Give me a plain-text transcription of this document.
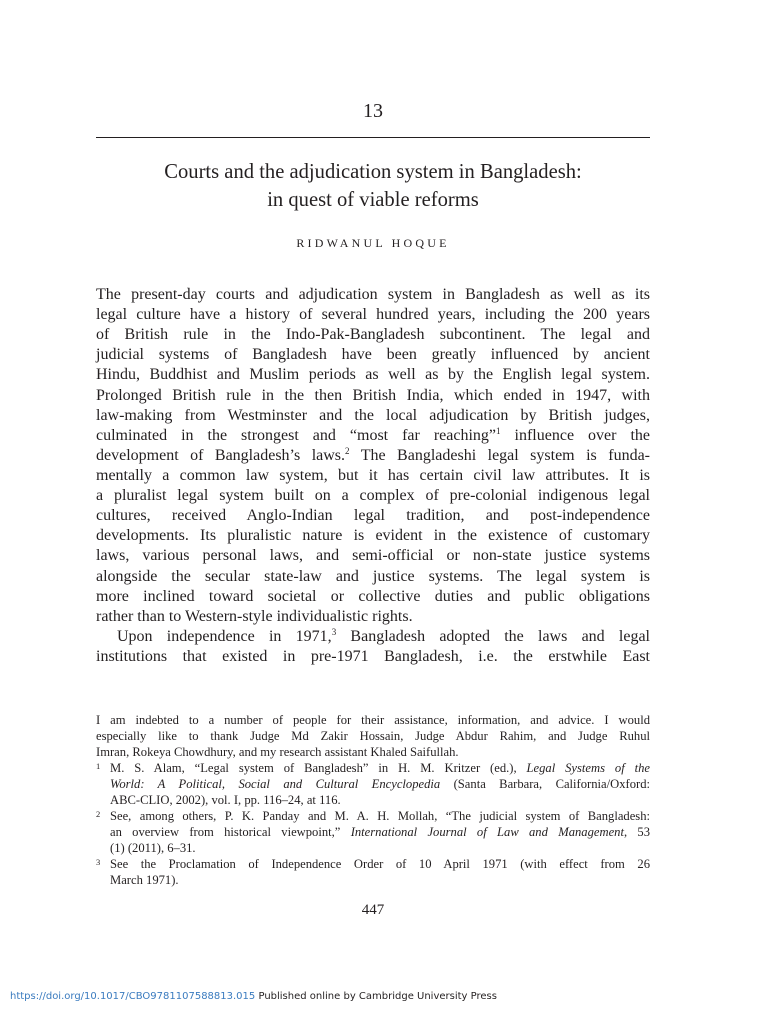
13
Courts and the adjudication system in Bangladesh:
in quest of viable reforms
RIDWANUL HOQUE
The present-day courts and adjudication system in Bangladesh as well as its
legal culture have a history of several hundred years, including the 200 years
of British rule in the Indo-Pak-Bangladesh subcontinent. The legal and
judicial systems of Bangladesh have been greatly influenced by ancient
Hindu, Buddhist and Muslim periods as well as by the English legal system.
Prolonged British rule in the then British India, which ended in 1947, with
law-making from Westminster and the local adjudication by British judges,
culminated in the strongest and “most far reaching”$^1$ influence over the
development of Bangladesh’s laws.$^2$ The Bangladeshi legal system is funda-
mentally a common law system, but it has certain civil law attributes. It is
a pluralist legal system built on a complex of pre-colonial indigenous legal
cultures, received Anglo-Indian legal tradition, and post-independence
developments. Its pluralistic nature is evident in the existence of customary
laws, various personal laws, and semi-official or non-state justice systems
alongside the secular state-law and justice systems. The legal system is
more inclined toward societal or collective duties and public obligations
rather than to Western-style individualistic rights.
Upon independence in 1971,$^3$ Bangladesh adopted the laws and legal
institutions that existed in pre-1971 Bangladesh, i.e. the erstwhile East
I am indebted to a number of people for their assistance, information, and advice. I would
especially like to thank Judge Md Zakir Hossain, Judge Abdur Rahim, and Judge Ruhul
Imran, Rokeya Chowdhury, and my research assistant Khaled Saifullah.
1 M. S. Alam, “Legal system of Bangladesh” in H. M. Kritzer (ed.), Legal Systems of the
World: A Political, Social and Cultural Encyclopedia (Santa Barbara, California/Oxford:
ABC-CLIO, 2002), vol. I, pp. 116–24, at 116.
2 See, among others, P. K. Panday and M. A. H. Mollah, “The judicial system of Bangladesh:
an overview from historical viewpoint,” International Journal of Law and Management, 53
(1) (2011), 6–31.
3 See the Proclamation of Independence Order of 10 April 1971 (with effect from 26
March 1971).
447
https://doi.org/10.1017/CBO9781107588813.015 Published online by Cambridge University Press
